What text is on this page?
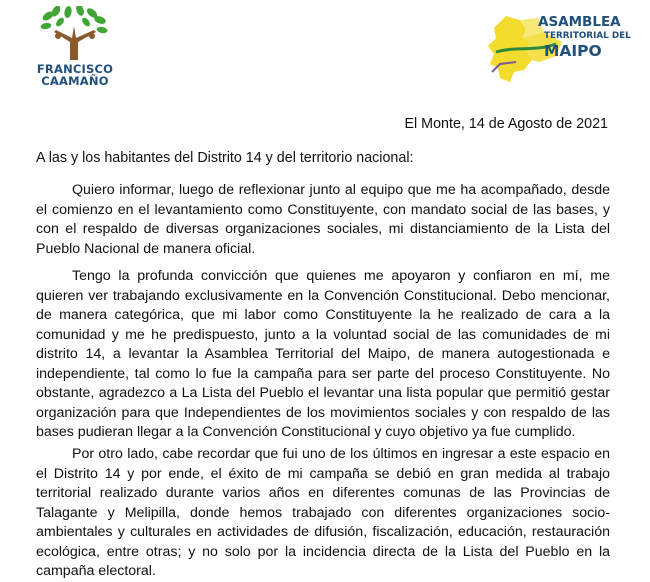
FRANCISCO
CAAMAÑO
ASAMBLEA
TERRITORIAL DEL
MAIPO
El Monte, 14 de Agosto de 2021
A las y los habitantes del Distrito 14 y del territorio nacional:
Quiero informar, luego de reflexionar junto al equipo que me ha acompañado, desde el comienzo en el levantamiento como Constituyente, con mandato social de las bases, y con el respaldo de diversas organizaciones sociales, mi distanciamiento de la Lista del Pueblo Nacional de manera oficial.
Tengo la profunda convicción que quienes me apoyaron y confiaron en mí, me quieren ver trabajando exclusivamente en la Convención Constitucional. Debo mencionar, de manera categórica, que mi labor como Constituyente la he realizado de cara a la comunidad y me he predispuesto, junto a la voluntad social de las comunidades de mi distrito 14, a levantar la Asamblea Territorial del Maipo, de manera autogestionada e independiente, tal como lo fue la campaña para ser parte del proceso Constituyente. No obstante, agradezco a La Lista del Pueblo el levantar una lista popular que permitió gestar organización para que Independientes de los movimientos sociales y con respaldo de las bases pudieran llegar a la Convención Constitucional y cuyo objetivo ya fue cumplido.
Por otro lado, cabe recordar que fui uno de los últimos en ingresar a este espacio en el Distrito 14 y por ende, el éxito de mi campaña se debió en gran medida al trabajo territorial realizado durante varios años en diferentes comunas de las Provincias de Talagante y Melipilla, donde hemos trabajado con diferentes organizaciones socio-ambientales y culturales en actividades de difusión, fiscalización, educación, restauración ecológica, entre otras; y no solo por la incidencia directa de la Lista del Pueblo en la campaña electoral.
